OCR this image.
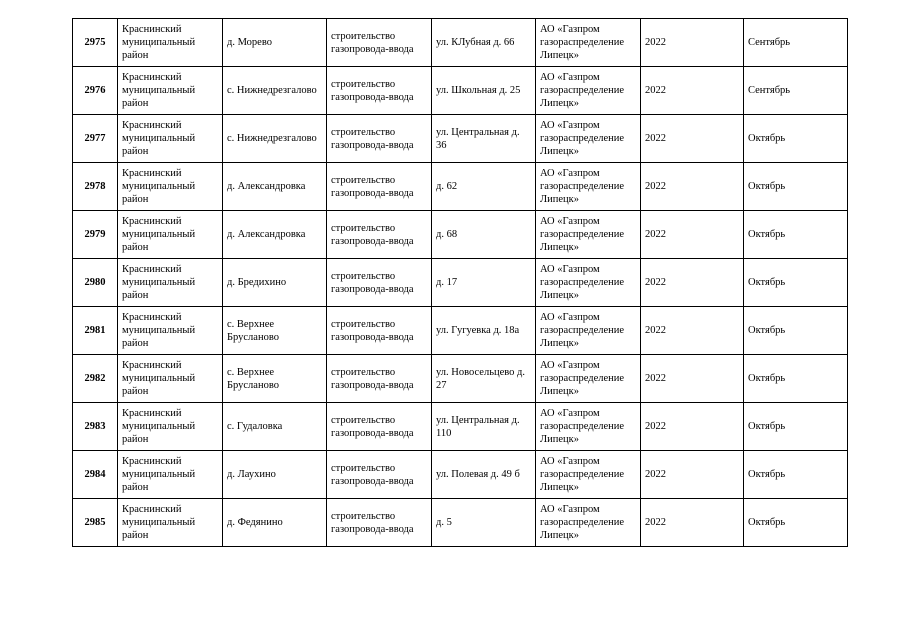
2975	Краснинский муниципальный район	д. Морево	строительство газопровода-ввода	ул. КЛубная д. 66	АО «Газпром газораспределение Липецк»	2022	Сентябрь
2976	Краснинский муниципальный район	с. Нижнедрезгалово	строительство газопровода-ввода	ул. Школьная д. 25	АО «Газпром газораспределение Липецк»	2022	Сентябрь
2977	Краснинский муниципальный район	с. Нижнедрезгалово	строительство газопровода-ввода	ул. Центральная д. 36	АО «Газпром газораспределение Липецк»	2022	Октябрь
2978	Краснинский муниципальный район	д. Александровка	строительство газопровода-ввода	д. 62	АО «Газпром газораспределение Липецк»	2022	Октябрь
2979	Краснинский муниципальный район	д. Александровка	строительство газопровода-ввода	д. 68	АО «Газпром газораспределение Липецк»	2022	Октябрь
2980	Краснинский муниципальный район	д. Бредихино	строительство газопровода-ввода	д. 17	АО «Газпром газораспределение Липецк»	2022	Октябрь
2981	Краснинский муниципальный район	с. Верхнее Брусланово	строительство газопровода-ввода	ул. Гугуевка д. 18а	АО «Газпром газораспределение Липецк»	2022	Октябрь
2982	Краснинский муниципальный район	с. Верхнее Брусланово	строительство газопровода-ввода	ул. Новосельцево д. 27	АО «Газпром газораспределение Липецк»	2022	Октябрь
2983	Краснинский муниципальный район	с. Гудаловка	строительство газопровода-ввода	ул. Центральная д. 110	АО «Газпром газораспределение Липецк»	2022	Октябрь
2984	Краснинский муниципальный район	д. Лаухино	строительство газопровода-ввода	ул. Полевая д. 49 б	АО «Газпром газораспределение Липецк»	2022	Октябрь
2985	Краснинский муниципальный район	д. Федянино	строительство газопровода-ввода	д. 5	АО «Газпром газораспределение Липецк»	2022	Октябрь
